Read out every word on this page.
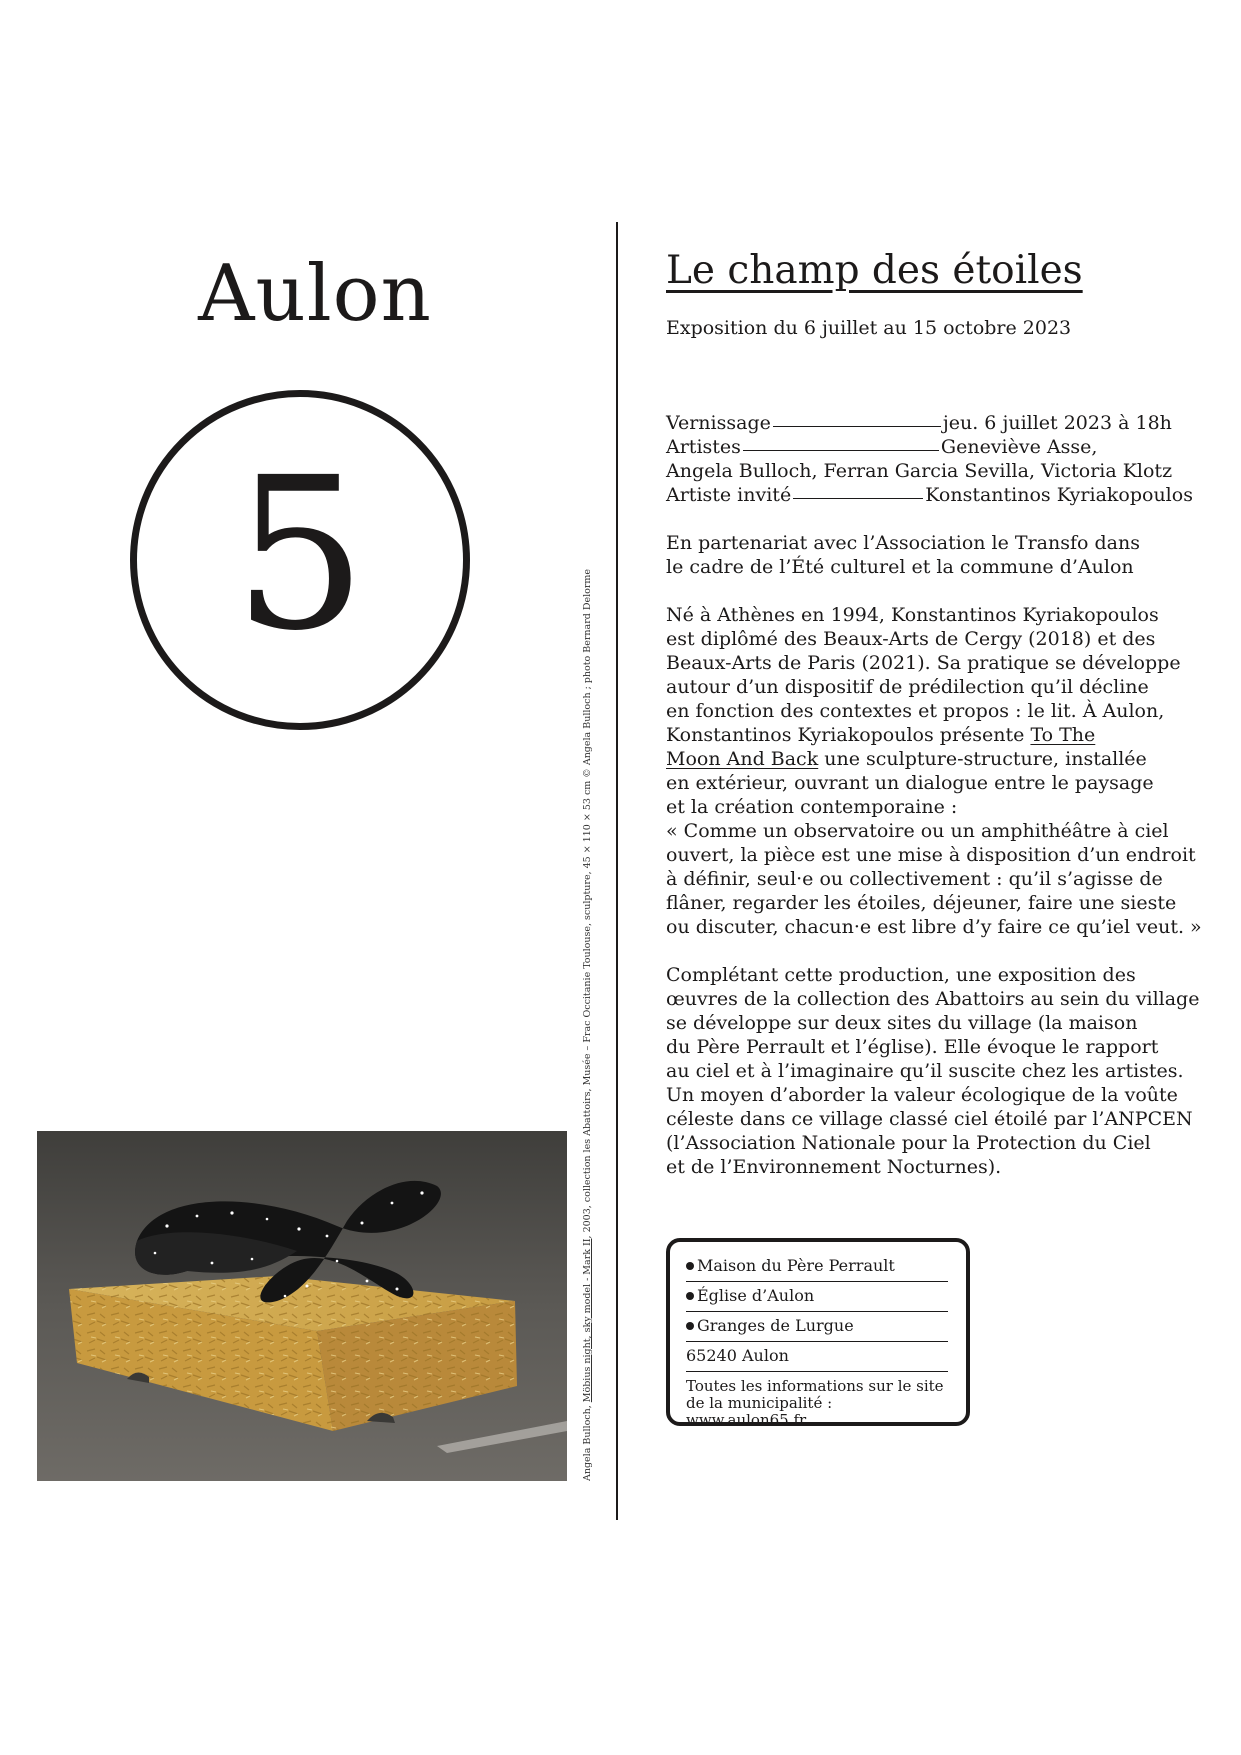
Aulon
5
Angela Bulloch, Möbius night, sky model - Mark II, 2003, collection les Abattoirs, Musée – Frac Occitanie Toulouse, sculpture, 45 × 110 × 53 cm © Angela Bulloch ; photo Bernard Delorme
Le champ des étoiles
Exposition du 6 juillet au 15 octobre 2023
Vernissage	jeu. 6 juillet 2023 à 18h
Artistes	Geneviève Asse,
Angela Bulloch, Ferran Garcia Sevilla, Victoria Klotz
Artiste invité	Konstantinos Kyriakopoulos
En partenariat avec l’Association le Transfo dans
le cadre de l’Été culturel et la commune d’Aulon
Né à Athènes en 1994, Konstantinos Kyriakopoulos
est diplômé des Beaux-Arts de Cergy (2018) et des
Beaux-Arts de Paris (2021). Sa pratique se développe
autour d’un dispositif de prédilection qu’il décline
en fonction des contextes et propos : le lit. À Aulon,
Konstantinos Kyriakopoulos présente To The
Moon And Back une sculpture-structure, installée
en extérieur, ouvrant un dialogue entre le paysage
et la création contemporaine :
« Comme un observatoire ou un amphithéâtre à ciel
ouvert, la pièce est une mise à disposition d’un endroit
à définir, seul·e ou collectivement : qu’il s’agisse de
flâner, regarder les étoiles, déjeuner, faire une sieste
ou discuter, chacun·e est libre d’y faire ce qu’iel veut. »
Complétant cette production, une exposition des
œuvres de la collection des Abattoirs au sein du village
se développe sur deux sites du village (la maison
du Père Perrault et l’église). Elle évoque le rapport
au ciel et à l’imaginaire qu’il suscite chez les artistes.
Un moyen d’aborder la valeur écologique de la voûte
céleste dans ce village classé ciel étoilé par l’ANPCEN
(l’Association Nationale pour la Protection du Ciel
et de l’Environnement Nocturnes).
Maison du Père Perrault
Église d’Aulon
Granges de Lurgue
65240 Aulon
Toutes les informations sur le site
de la municipalité : www.aulon65.fr
